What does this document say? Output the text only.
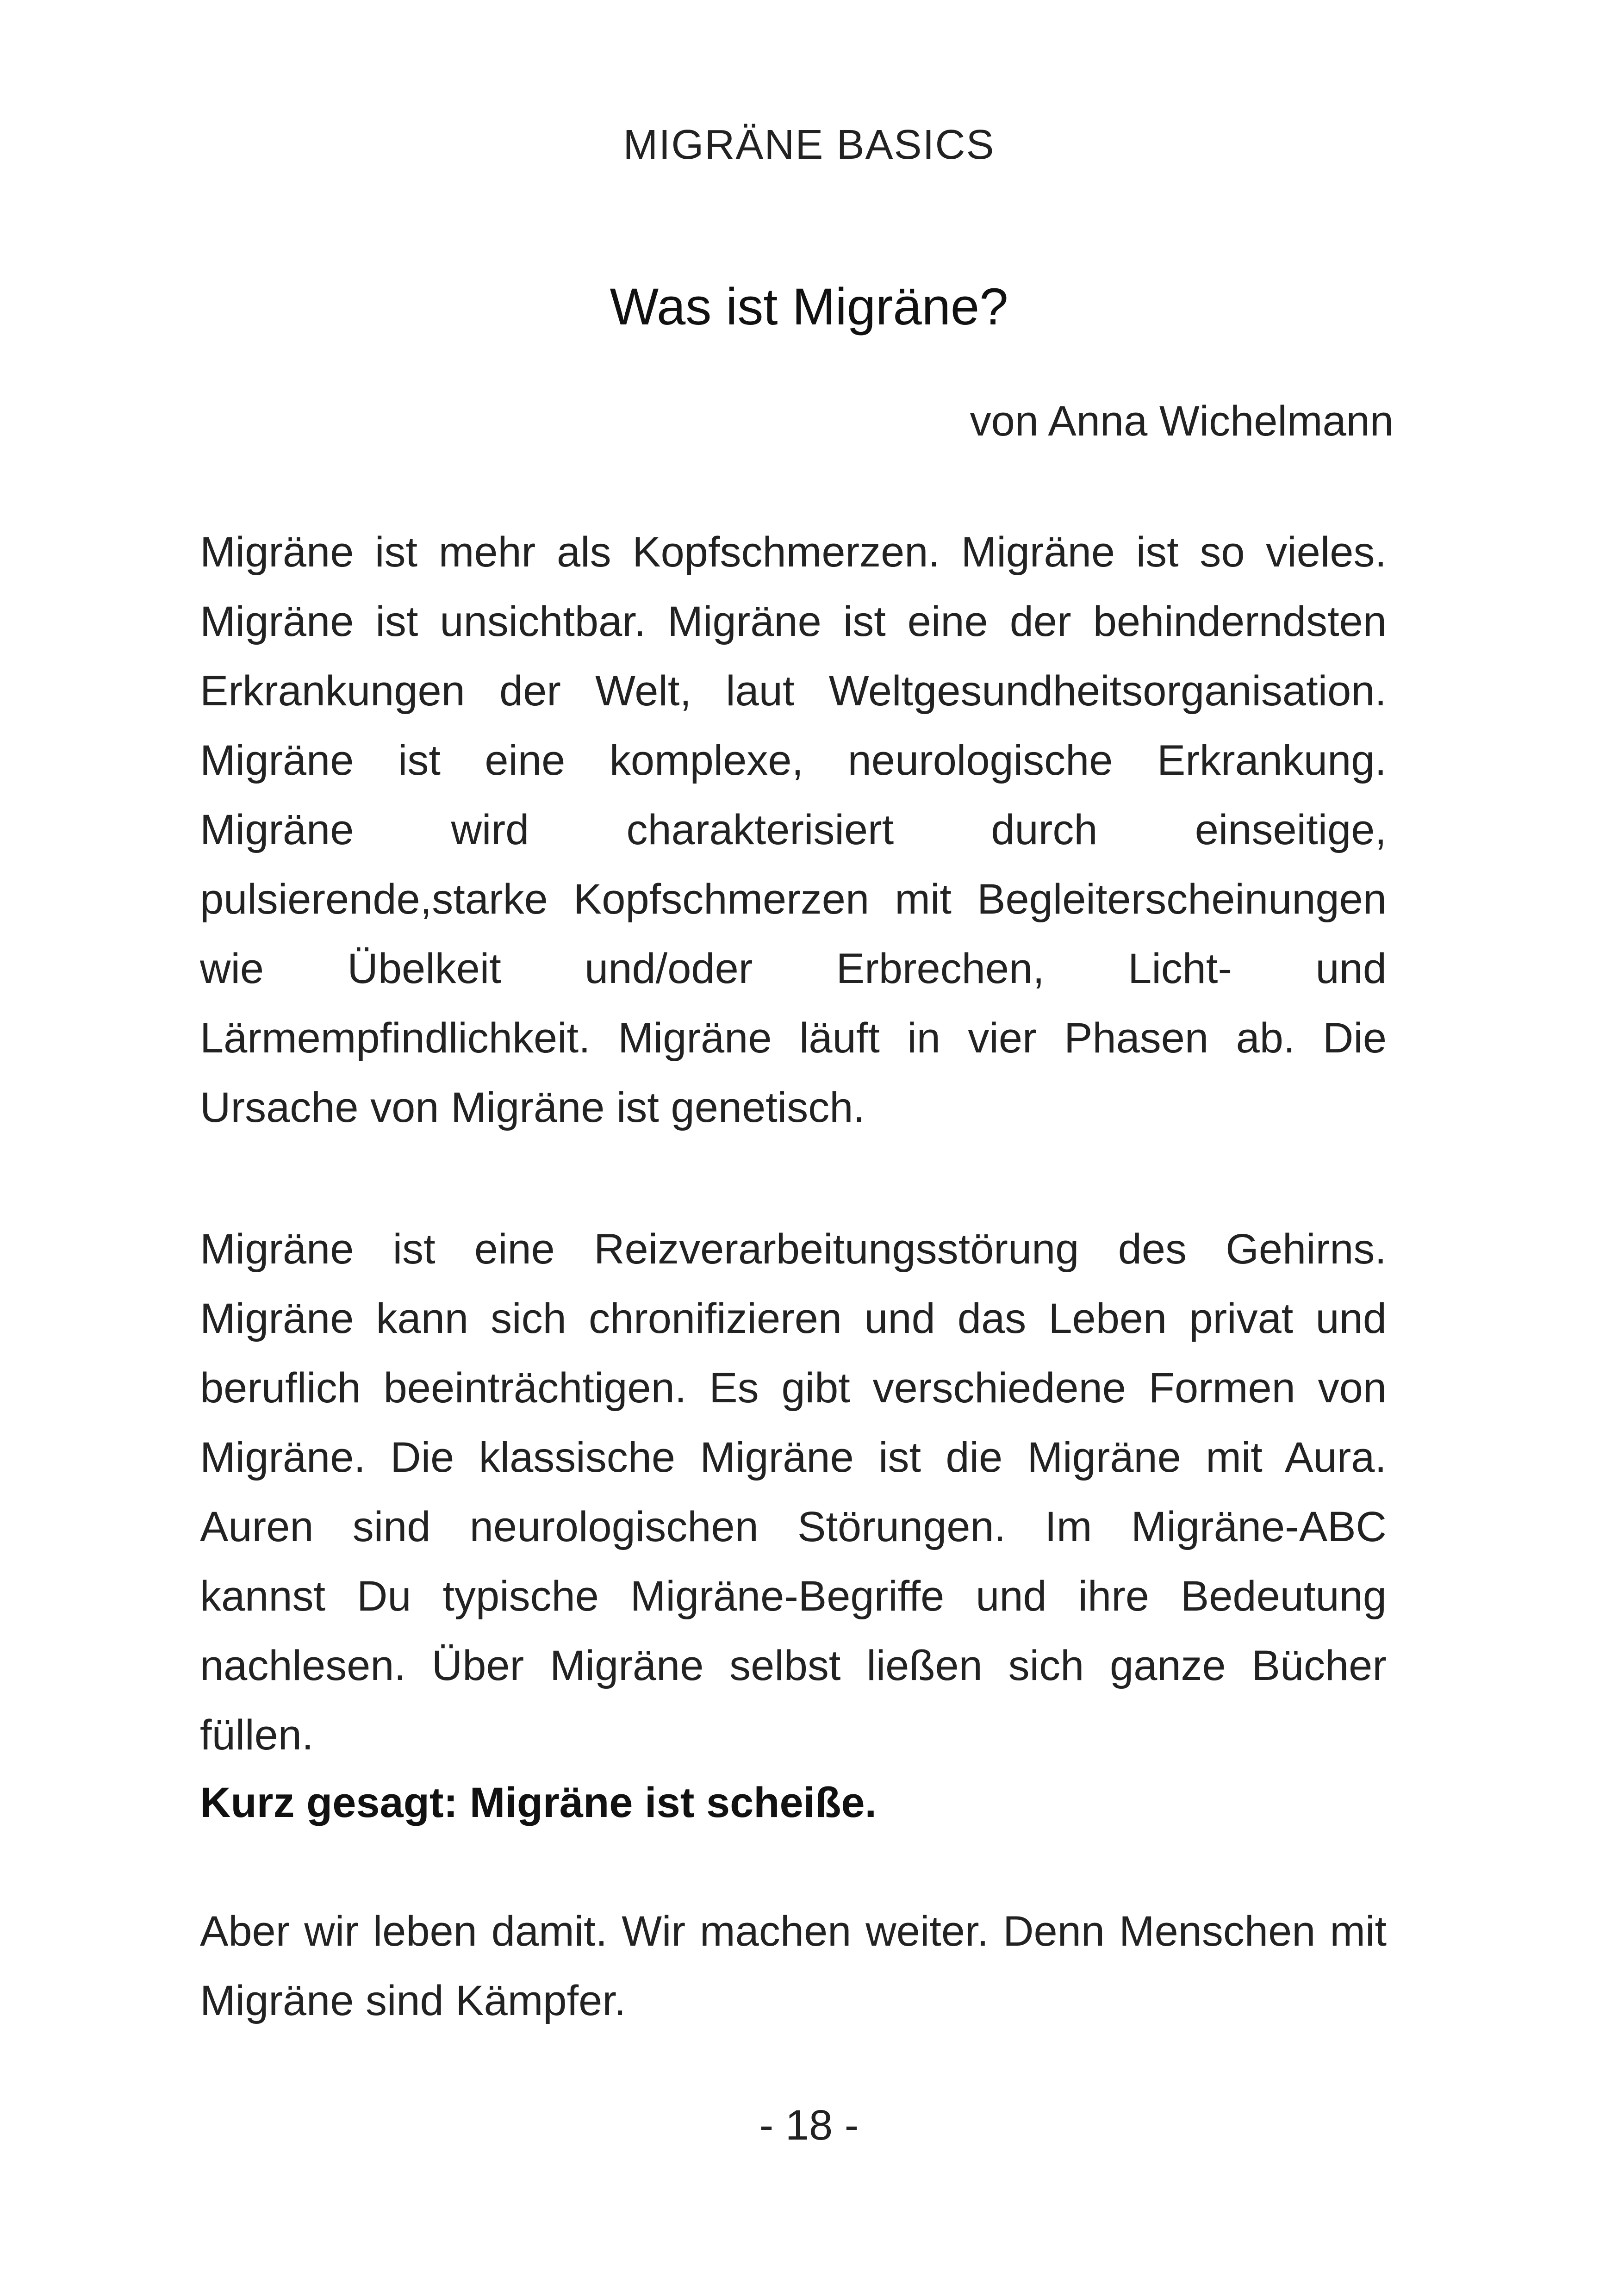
MIGRÄNE BASICS
Was ist Migräne?
von Anna Wichelmann

Migräne ist mehr als Kopfschmerzen. Migräne ist so vieles. Migräne ist unsichtbar. Migräne ist eine der behinderndsten Erkrankungen der Welt, laut Weltgesundheitsorganisation. Migräne ist eine komplexe, neurologische Erkrankung. Migräne wird charakterisiert durch einseitige, pulsierende,starke Kopfschmerzen mit Begleiterscheinungen wie Übelkeit und/oder Erbrechen, Licht- und Lärmempfindlichkeit. Migräne läuft in vier Phasen ab. Die Ursache von Migräne ist genetisch.

Migräne ist eine Reizverarbeitungsstörung des Gehirns. Migräne kann sich chronifizieren und das Leben privat und beruflich beeinträchtigen. Es gibt verschiedene Formen von Migräne. Die klassische Migräne ist die Migräne mit Aura. Auren sind neurologischen Störungen. Im Migräne-ABC kannst Du typische Migräne-Begriffe und ihre Bedeutung nachlesen. Über Migräne selbst ließen sich ganze Bücher füllen.

Kurz gesagt: Migräne ist scheiße.

Aber wir leben damit. Wir machen weiter. Denn Menschen mit Migräne sind Kämpfer.

- 18 -
